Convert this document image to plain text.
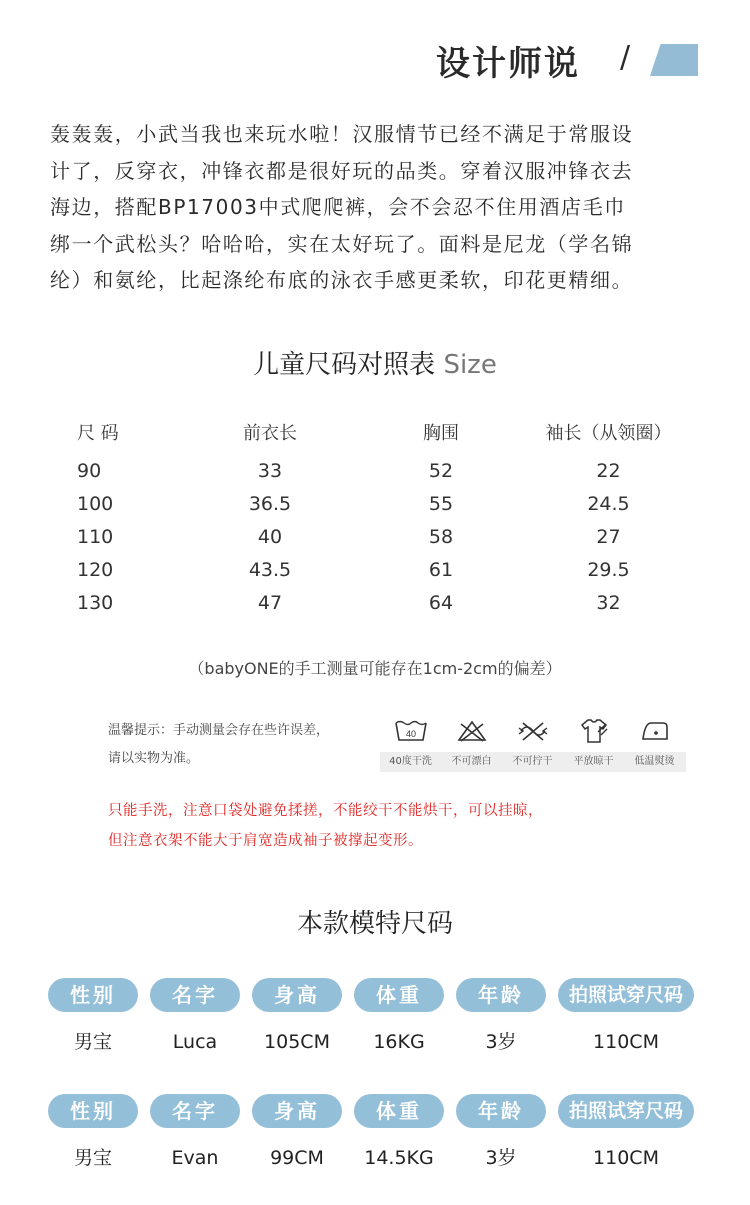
设计师说 /

轰轰轰，小武当我也来玩水啦！汉服情节已经不满足于常服设

计了，反穿衣，冲锋衣都是很好玩的品类。穿着汉服冲锋衣去

海边，搭配BP17003中式爬爬裤，会不会忍不住用酒店毛巾

绑一个武松头？哈哈哈，实在太好玩了。面料是尼龙（学名锦

纶）和氨纶，比起涤纶布底的泳衣手感更柔软，印花更精细。

儿童尺码对照表 Size
尺 码	前衣长	胸围	袖长（从领圈）
90	33	52	22
100	36.5	55	24.5
110	40	58	27
120	43.5	61	29.5
130	47	64	32
（babyONE的手工测量可能存在1cm-2cm的偏差）
温馨提示：手动测量会存在些许误差，
请以实物为准。
40
40度干洗	不可漂白	不可拧干	平放晾干	低温熨烫
只能手洗，注意口袋处避免揉搓，不能绞干不能烘干，可以挂晾，
但注意衣架不能大于肩宽造成袖子被撑起变形。
本款模特尺码
性别	名字	身高	体重	年龄	拍照试穿尺码
男宝	Luca	105CM	16KG	3岁	110CM
性别	名字	身高	体重	年龄	拍照试穿尺码
男宝	Evan	99CM	14.5KG	3岁	110CM
